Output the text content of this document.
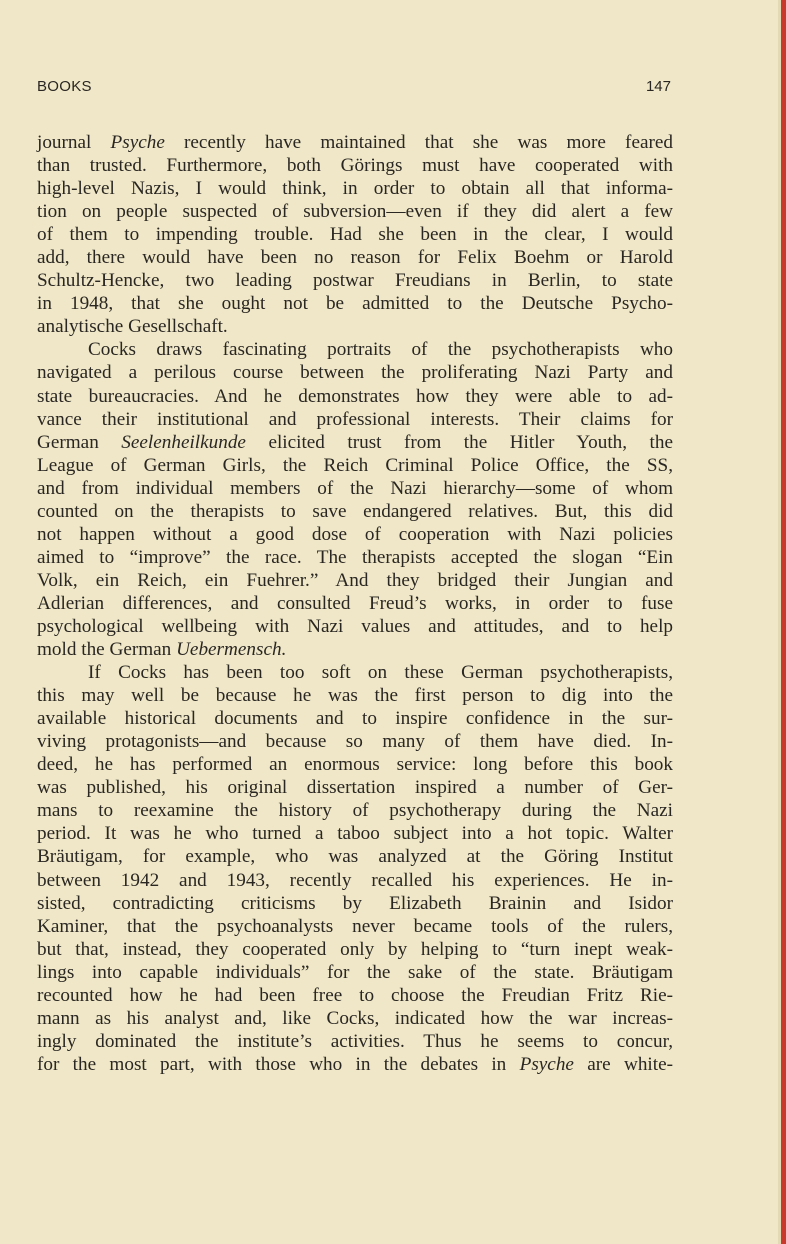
BOOKS	147
journal Psyche recently have maintained that she was more feared
than trusted. Furthermore, both Görings must have cooperated with
high-level Nazis, I would think, in order to obtain all that informa-
tion on people suspected of subversion—even if they did alert a few
of them to impending trouble. Had she been in the clear, I would
add, there would have been no reason for Felix Boehm or Harold
Schultz-Hencke, two leading postwar Freudians in Berlin, to state
in 1948, that she ought not be admitted to the Deutsche Psycho-
analytische Gesellschaft.
Cocks draws fascinating portraits of the psychotherapists who
navigated a perilous course between the proliferating Nazi Party and
state bureaucracies. And he demonstrates how they were able to ad-
vance their institutional and professional interests. Their claims for
German Seelenheilkunde elicited trust from the Hitler Youth, the
League of German Girls, the Reich Criminal Police Office, the SS,
and from individual members of the Nazi hierarchy—some of whom
counted on the therapists to save endangered relatives. But, this did
not happen without a good dose of cooperation with Nazi policies
aimed to “improve” the race. The therapists accepted the slogan “Ein
Volk, ein Reich, ein Fuehrer.” And they bridged their Jungian and
Adlerian differences, and consulted Freud’s works, in order to fuse
psychological wellbeing with Nazi values and attitudes, and to help
mold the German Uebermensch.
If Cocks has been too soft on these German psychotherapists,
this may well be because he was the first person to dig into the
available historical documents and to inspire confidence in the sur-
viving protagonists—and because so many of them have died. In-
deed, he has performed an enormous service: long before this book
was published, his original dissertation inspired a number of Ger-
mans to reexamine the history of psychotherapy during the Nazi
period. It was he who turned a taboo subject into a hot topic. Walter
Bräutigam, for example, who was analyzed at the Göring Institut
between 1942 and 1943, recently recalled his experiences. He in-
sisted, contradicting criticisms by Elizabeth Brainin and Isidor
Kaminer, that the psychoanalysts never became tools of the rulers,
but that, instead, they cooperated only by helping to “turn inept weak-
lings into capable individuals” for the sake of the state. Bräutigam
recounted how he had been free to choose the Freudian Fritz Rie-
mann as his analyst and, like Cocks, indicated how the war increas-
ingly dominated the institute’s activities. Thus he seems to concur,
for the most part, with those who in the debates in Psyche are white-
